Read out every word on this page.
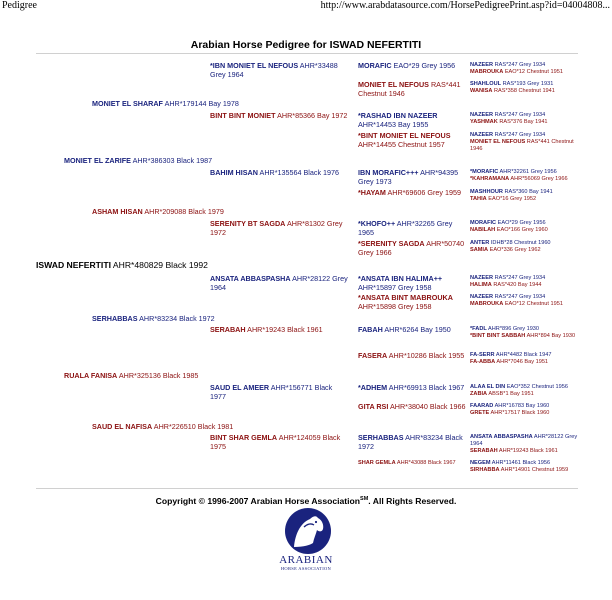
Pedigree	http://www.arabdatasource.com/HorsePedigreePrint.asp?id=04004808...
Arabian Horse Pedigree for ISWAD NEFERTITI
ISWAD NEFERTITI AHR*480829 Black 1992
MONIET EL ZARIFE AHR*386303 Black 1987
RUALA FANISA AHR*325136 Black 1985
MONIET EL SHARAF AHR*179144 Bay 1978
ASHAM HISAN AHR*209088 Black 1979
SERHABBAS AHR*83234 Black 1972
SAUD EL NAFISA AHR*226510 Black 1981
*IBN MONIET EL NEFOUS AHR*33488 Grey 1964
BINT BINT MONIET AHR*85366 Bay 1972
BAHIM HISAN AHR*135564 Black 1976
SERENITY BT SAGDA AHR*81302 Grey 1972
ANSATA ABBASPASHA AHR*28122 Grey 1964
SERABAH AHR*19243 Black 1961
SAUD EL AMEER AHR*156771 Black 1977
BINT SHAR GEMLA AHR*124059 Black 1975
MORAFIC EAO*29 Grey 1956
MONIET EL NEFOUS RAS*441 Chestnut 1946
*RASHAD IBN NAZEER AHR*14453 Bay 1955
*BINT MONIET EL NEFOUS AHR*14455 Chestnut 1957
IBN MORAFIC+++ AHR*94395 Grey 1973
*HAYAM AHR*69606 Grey 1959
*KHOFO++ AHR*32265 Grey 1965
*SERENITY SAGDA AHR*50740 Grey 1966
*ANSATA IBN HALIMA++ AHR*15897 Grey 1958
*ANSATA BINT MABROUKA AHR*15898 Grey 1958
FABAH AHR*6264 Bay 1950
FASERA AHR*10286 Black 1955
*ADHEM AHR*69913 Black 1967
GITA RSI AHR*38040 Black 1966
SERHABBAS AHR*83234 Black 1972
SHAR GEMLA AHR*43088 Black 1967
NAZEER RAS*247 Grey 1934
MABROUKA EAO*12 Chestnut 1951
SHAHLOUL RAS*193 Grey 1931
WANISA RAS*358 Chestnut 1941
NAZEER RAS*247 Grey 1934
YASHMAK RAS*376 Bay 1941
NAZEER RAS*247 Grey 1934
MONIET EL NEFOUS RAS*441 Chestnut 1946
*MORAFIC AHR*32261 Grey 1956
*KAHRAMANA AHR*56069 Grey 1966
MASHHOUR RAS*360 Bay 1941
TAHIA EAO*16 Grey 1952
MORAFIC EAO*29 Grey 1956
NABILAH EAO*166 Grey 1960
ANTER IDHB*28 Chestnut 1960
SAMIA EAO*336 Grey 1962
NAZEER RAS*247 Grey 1934
HALIMA RAS*420 Bay 1944
NAZEER RAS*247 Grey 1934
MABROUKA EAO*12 Chestnut 1951
*FADL AHR*896 Grey 1930
*BINT BINT SABBAH AHR*894 Bay 1930
FA-SERR AHR*4482 Black 1947
FA-ABBA AHR*7046 Bay 1951
ALAA EL DIN EAO*352 Chestnut 1956
ZABIA ABSB*1 Bay 1951
FAARAD AHR*16783 Bay 1960
GRETE AHR*17517 Black 1960
ANSATA ABBASPASHA AHR*28122 Grey 1964
SERABAH AHR*19243 Black 1961
NEGEM AHR*11461 Black 1956
SIRHABBA AHR*14901 Chestnut 1959
Copyright © 1996-2007 Arabian Horse Association℠. All Rights Reserved.
ARABIAN
HORSE ASSOCIATION
